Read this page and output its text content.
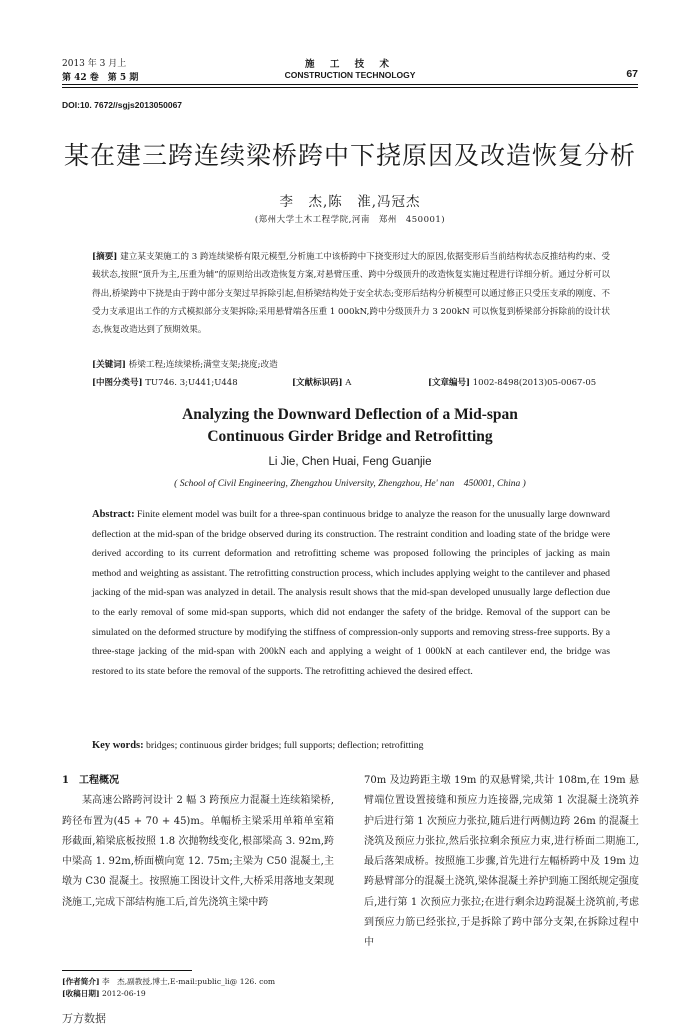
2013 年 3 月上
第 42 卷　第 5 期
施 工 技 术
CONSTRUCTION TECHNOLOGY	67
DOI:10. 7672//sgjs2013050067
某在建三跨连续梁桥跨中下挠原因及改造恢复分析
李　杰,陈　淮,冯冠杰
(郑州大学土木工程学院,河南　郑州　450001)

[摘要] 建立某支架施工的 3 跨连续梁桥有限元模型,分析施工中该桥跨中下挠变形过大的原因,依据变形后当前结构状态反推结构约束、受载状态,按照“顶升为主,压重为辅”的原则给出改造恢复方案,对悬臂压重、跨中分级顶升的改造恢复实施过程进行详细分析。通过分析可以得出,桥梁跨中下挠是由于跨中部分支架过早拆除引起,但桥梁结构处于安全状态;变形后结构分析模型可以通过修正只受压支承的刚度、不受力支承退出工作的方式模拟部分支架拆除;采用悬臂端各压重 1 000kN,跨中分级顶升力 3 200kN 可以恢复到桥梁部分拆除前的设计状态,恢复改造达到了预期效果。

[关键词] 桥梁工程;连续梁桥;满堂支架;挠度;改造

[中图分类号] TU746. 3;U441;U448	[文献标识码] A	[文章编号] 1002-8498(2013)05-0067-05
Analyzing the Downward Deflection of a Mid-span
Continuous Girder Bridge and Retrofitting
Li Jie, Chen Huai, Feng Guanjie
( School of Civil Engineering, Zhengzhou University, Zhengzhou, He' nan　450001, China )

Abstract: Finite element model was built for a three-span continuous bridge to analyze the reason for the unusually large downward deflection at the mid-span of the bridge observed during its construction. The restraint condition and loading state of the bridge were derived according to its current deformation and retrofitting scheme was proposed following the principles of jacking as main method and weighting as assistant. The retrofitting construction process, which includes applying weight to the cantilever and phased jacking of the mid-span was analyzed in detail. The analysis result shows that the mid-span developed unusually large deflection due to the early removal of some mid-span supports, which did not endanger the safety of the bridge. Removal of the support can be simulated on the deformed structure by modifying the stiffness of compression-only supports and removing stress-free supports. By a three-stage jacking of the mid-span with 200kN each and applying a weight of 1 000kN at each cantilever end, the bridge was restored to its state before the removal of the supports. The retrofitting achieved the desired effect.

Key words: bridges; continuous girder bridges; full supports; deflection; retrofitting

1　工程概况
某高速公路跨河设计 2 幅 3 跨预应力混凝土连续箱梁桥,跨径布置为(45 + 70 + 45)m。单幅桥主梁采用单箱单室箱形截面,箱梁底板按照 1.8 次抛物线变化,根部梁高 3. 92m,跨中梁高 1. 92m,桥面横向宽 12. 75m;主梁为 C50 混凝土,主墩为 C30 混凝土。按照施工图设计文件,大桥采用落地支架现浇施工,完成下部结构施工后,首先浇筑主梁中跨
70m 及边跨距主墩 19m 的双悬臂梁,共计 108m,在 19m 悬臂端位置设置接缝和预应力连接器,完成第 1 次混凝土浇筑养护后进行第 1 次预应力张拉,随后进行两侧边跨 26m 的混凝土浇筑及预应力张拉,然后张拉剩余预应力束,进行桥面二期施工,最后落架成桥。按照施工步骤,首先进行左幅桥跨中及 19m 边跨悬臂部分的混凝土浇筑,梁体混凝土养护到施工图纸规定强度后,进行第 1 次预应力张拉;在进行剩余边跨混凝土浇筑前,考虑到预应力筋已经张拉,于是拆除了跨中部分支架,在拆除过程中中
[作者简介] 李　杰,副教授,博士,E-mail:public_li@ 126. com
[收稿日期] 2012-06-19
万方数据
